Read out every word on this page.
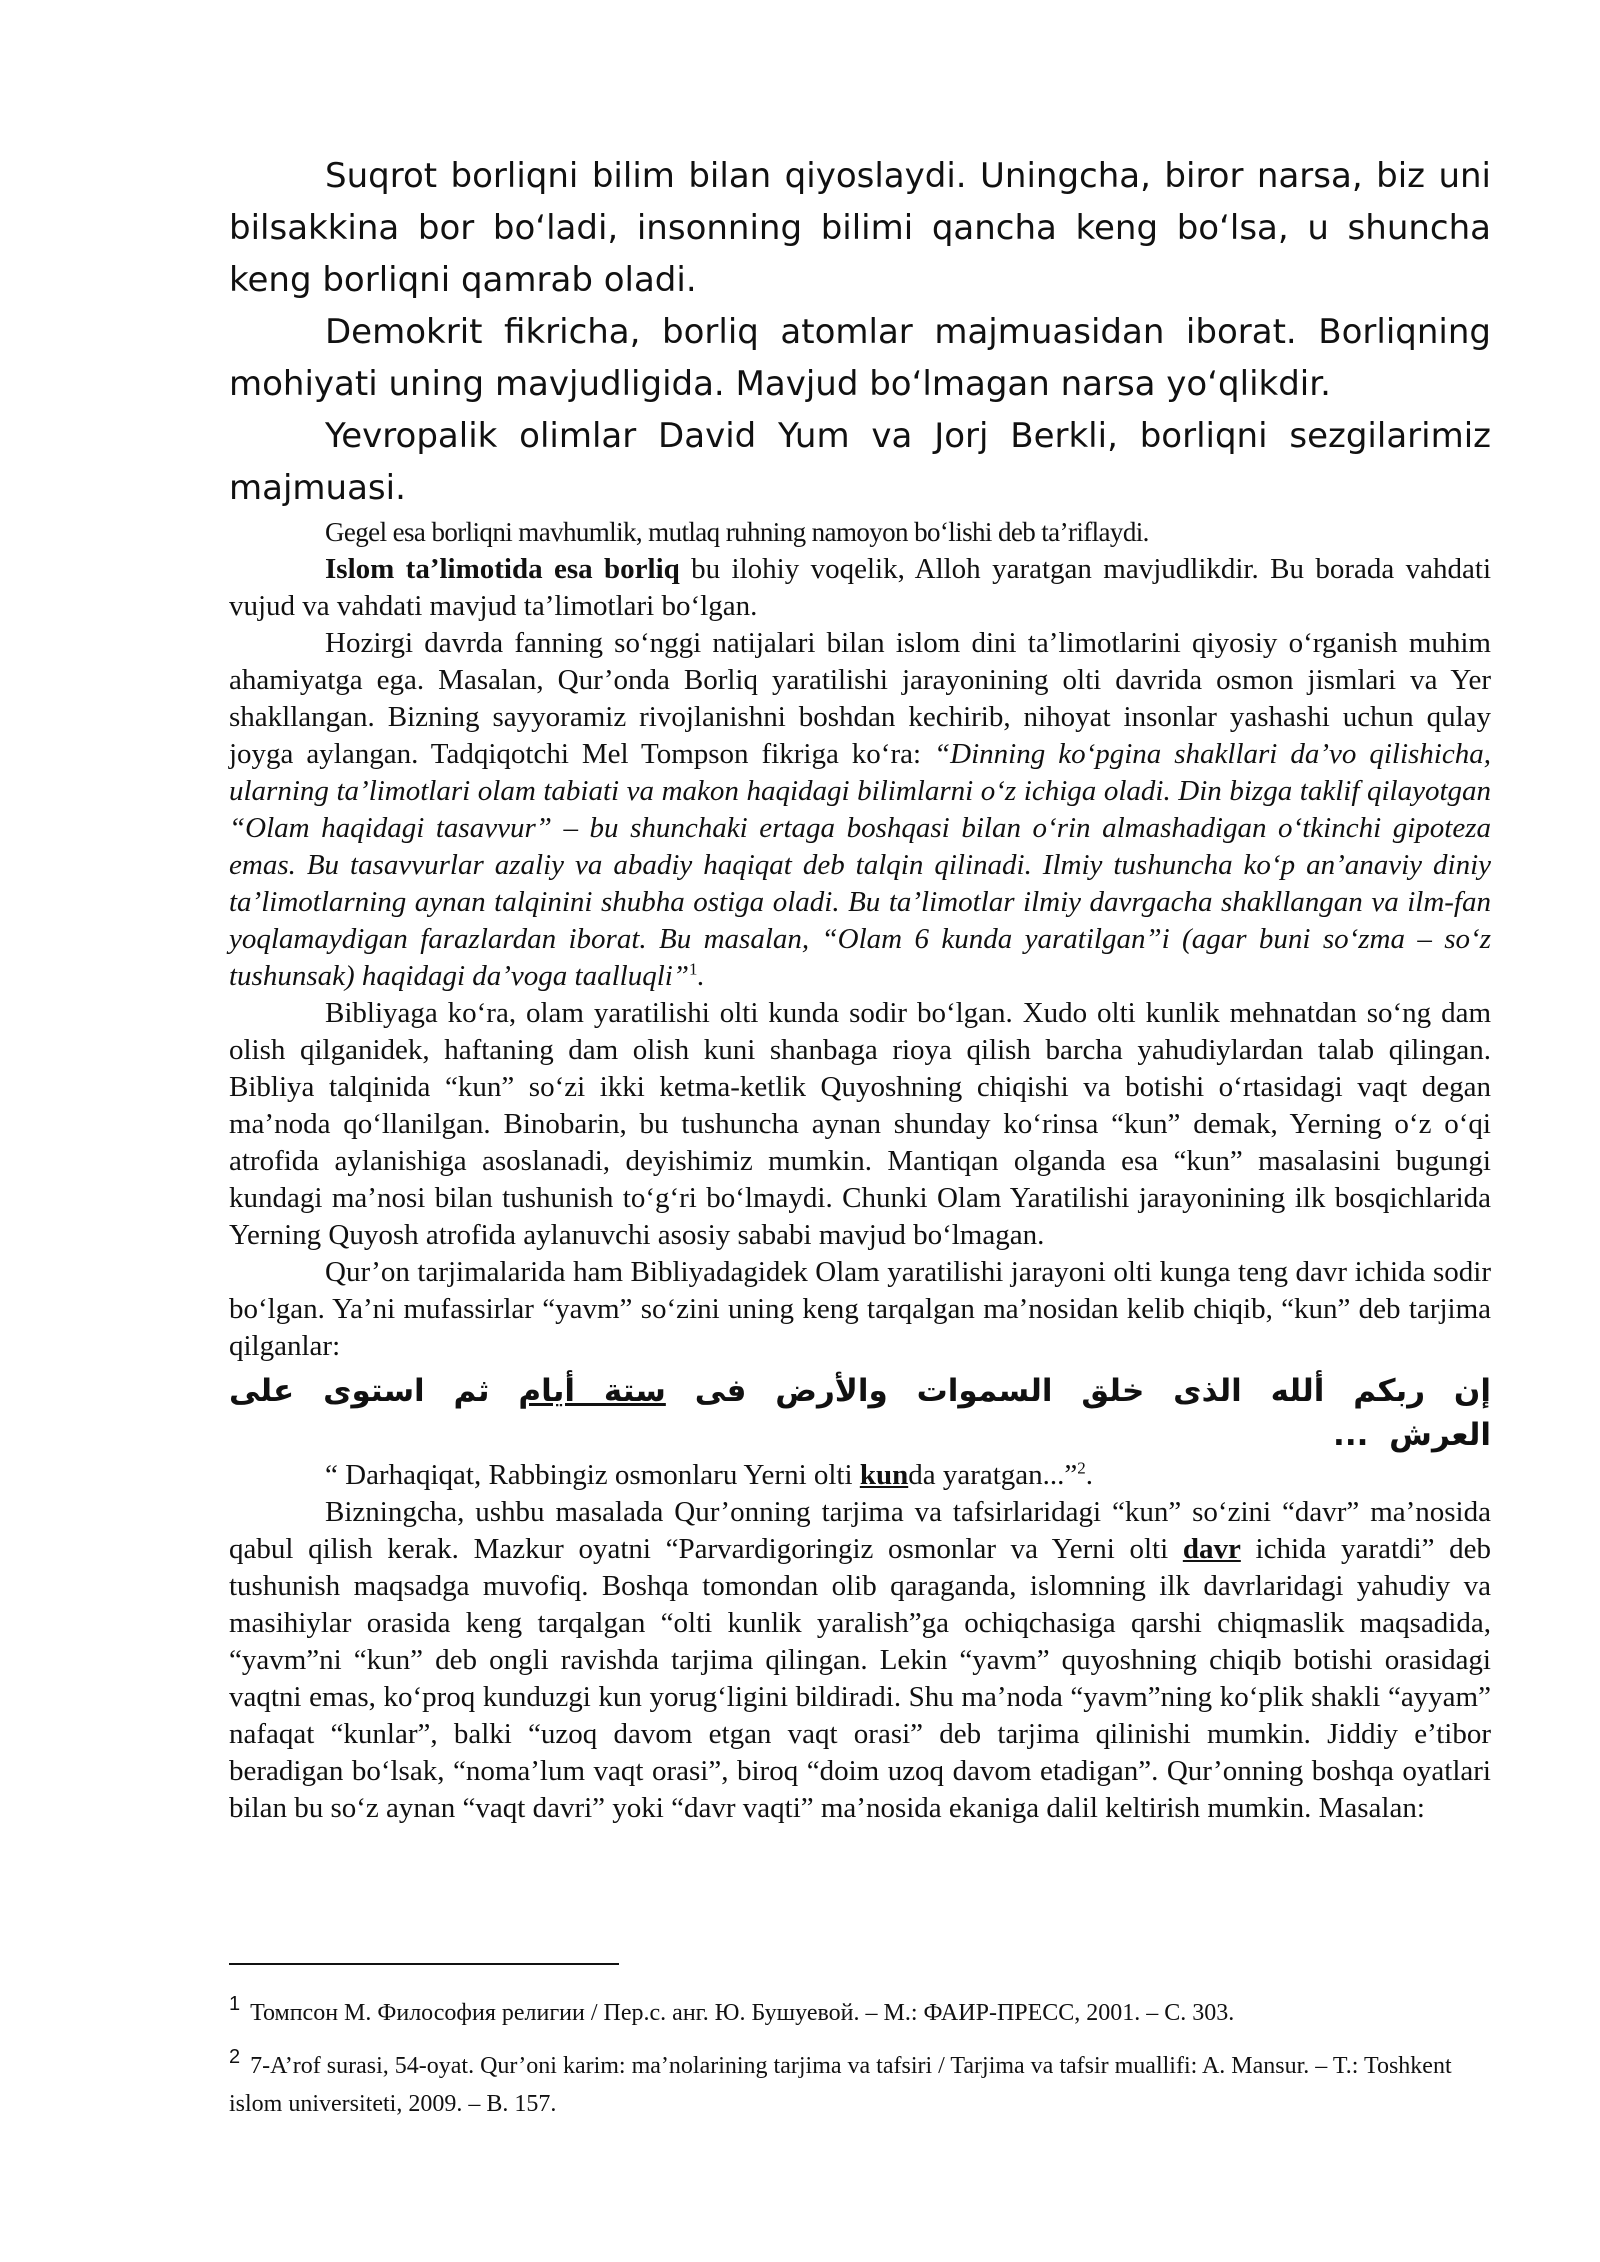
Suqrot borliqni bilim bilan qiyoslaydi. Uningcha, biror narsa, biz uni bilsakkina bor bo‘ladi, insonning bilimi qancha keng bo‘lsa, u shuncha keng borliqni qamrab oladi.

Demokrit fikricha, borliq atomlar majmuasidan iborat. Borliqning mohiyati uning mavjudligida. Mavjud bo‘lmagan narsa yo‘qlikdir.

Yevropalik olimlar David Yum va Jorj Berkli, borliqni sezgilarimiz majmuasi.

Gegel esa borliqni mavhumlik, mutlaq ruhning namoyon bo‘lishi deb ta’riflaydi.

Islom ta’limotida esa borliq bu ilohiy voqelik, Alloh yaratgan mavjudlikdir. Bu borada vahdati vujud va vahdati mavjud ta’limotlari bo‘lgan.

Hozirgi davrda fanning so‘nggi natijalari bilan islom dini ta’limotlarini qiyosiy o‘rganish muhim ahamiyatga ega. Masalan, Qur’onda Borliq yaratilishi jarayonining olti davrida osmon jismlari va Yer shakllangan. Bizning sayyoramiz rivojlanishni boshdan kechirib, nihoyat insonlar yashashi uchun qulay joyga aylangan. Tadqiqotchi Mel Tompson fikriga ko‘ra: “Dinning ko‘pgina shakllari da’vo qilishicha, ularning ta’limotlari olam tabiati va makon haqidagi bilimlarni o‘z ichiga oladi. Din bizga taklif qilayotgan “Olam haqidagi tasavvur” – bu shunchaki ertaga boshqasi bilan o‘rin almashadigan o‘tkinchi gipoteza emas. Bu tasavvurlar azaliy va abadiy haqiqat deb talqin qilinadi. Ilmiy tushuncha ko‘p an’anaviy diniy ta’limotlarning aynan talqinini shubha ostiga oladi. Bu ta’limotlar ilmiy davrgacha shakllangan va ilm-fan yoqlamaydigan farazlardan iborat. Bu masalan, “Olam 6 kunda yaratilgan”i (agar buni so‘zma – so‘z tushunsak) haqidagi da’voga taalluqli”$^1$.

Bibliyaga ko‘ra, olam yaratilishi olti kunda sodir bo‘lgan. Xudo olti kunlik mehnatdan so‘ng dam olish qilganidek, haftaning dam olish kuni shanbaga rioya qilish barcha yahudiylardan talab qilingan. Bibliya talqinida “kun” so‘zi ikki ketma-ketlik Quyoshning chiqishi va botishi o‘rtasidagi vaqt degan ma’noda qo‘llanilgan. Binobarin, bu tushuncha aynan shunday ko‘rinsa “kun” demak, Yerning o‘z o‘qi atrofida aylanishiga asoslanadi, deyishimiz mumkin. Mantiqan olganda esa “kun” masalasini bugungi kundagi ma’nosi bilan tushunish to‘g‘ri bo‘lmaydi. Chunki Olam Yaratilishi jarayonining ilk bosqichlarida Yerning Quyosh atrofida aylanuvchi asosiy sababi mavjud bo‘lmagan.

Qur’on tarjimalarida ham Bibliyadagidek Olam yaratilishi jarayoni olti kunga teng davr ichida sodir bo‘lgan. Ya’ni mufassirlar “yavm” so‘zini uning keng tarqalgan ma’nosidan kelib chiqib, “kun” deb tarjima qilganlar:

إن ربكم ألله الذى خلق السموات والأرض فى ستة أيام ثم استوى على العرش ...

“ Darhaqiqat, Rabbingiz osmonlaru Yerni olti kunda yaratgan...”$^2$.

Bizningcha, ushbu masalada Qur’onning tarjima va tafsirlaridagi “kun” so‘zini “davr” ma’nosida qabul qilish kerak. Mazkur oyatni “Parvardigoringiz osmonlar va Yerni olti davr ichida yaratdi” deb tushunish maqsadga muvofiq. Boshqa tomondan olib qaraganda, islomning ilk davrlaridagi yahudiy va masihiylar orasida keng tarqalgan “olti kunlik yaralish”ga ochiqchasiga qarshi chiqmaslik maqsadida, “yavm”ni “kun” deb ongli ravishda tarjima qilingan. Lekin “yavm” quyoshning chiqib botishi orasidagi vaqtni emas, ko‘proq kunduzgi kun yorug‘ligini bildiradi. Shu ma’noda “yavm”ning ko‘plik shakli “ayyam” nafaqat “kunlar”, balki “uzoq davom etgan vaqt orasi” deb tarjima qilinishi mumkin. Jiddiy e’tibor beradigan bo‘lsak, “noma’lum vaqt orasi”, biroq “doim uzoq davom etadigan”. Qur’onning boshqa oyatlari bilan bu so‘z aynan “vaqt davri” yoki “davr vaqti” ma’nosida ekaniga dalil keltirish mumkin. Masalan:

$^1$ Томпсон М. Философия религии / Пер.с. анг. Ю. Бушуевой. – М.: ФАИР-ПРЕСС, 2001. – С. 303.

$^2$ 7-A’rof surasi, 54-oyat. Qur’oni karim: ma’nolarining tarjima va tafsiri / Tarjima va tafsir muallifi: A. Mansur. – T.: Toshkent islom universiteti, 2009. – B. 157.
